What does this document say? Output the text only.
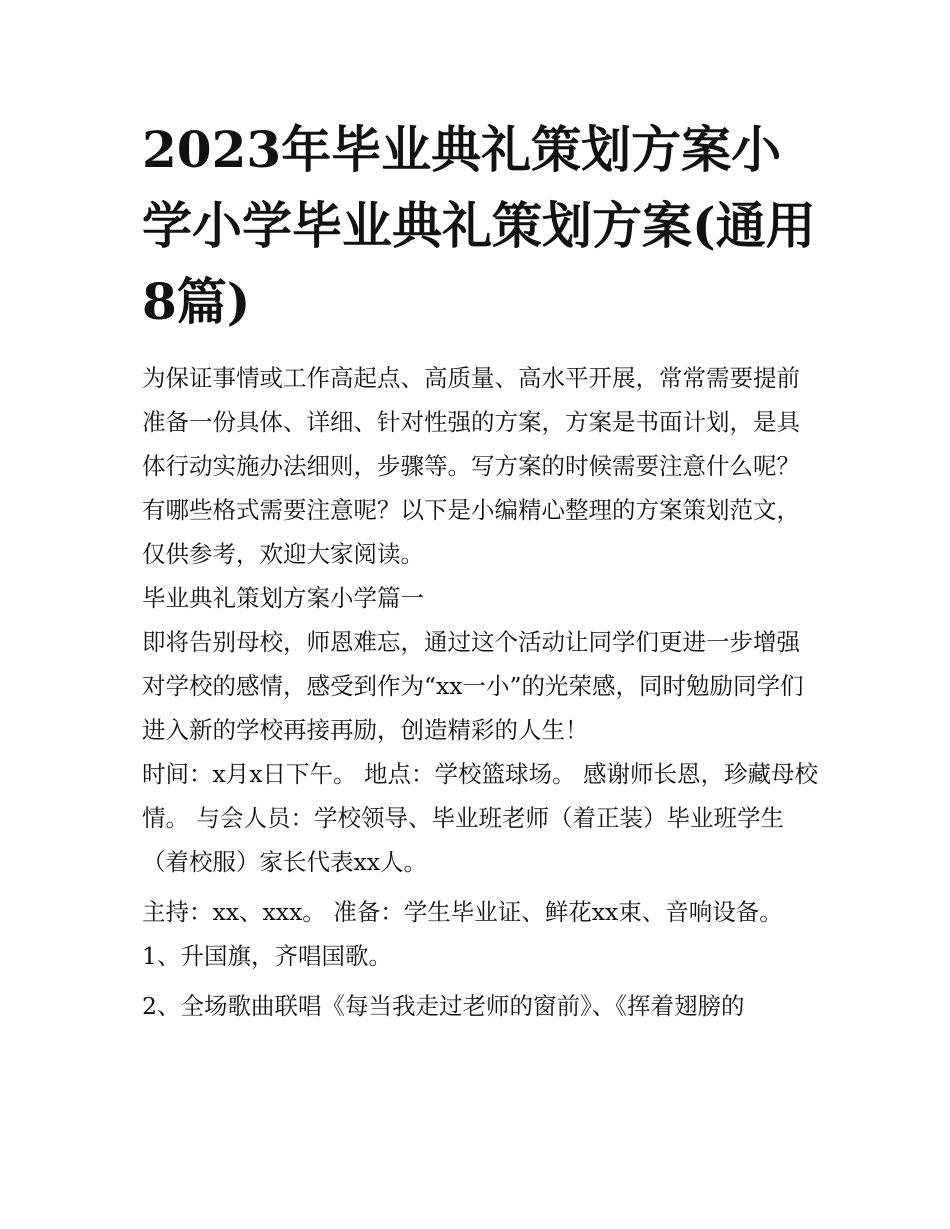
2023年毕业典礼策划方案小学小学毕业典礼策划方案(通用8篇)

为保证事情或工作高起点、高质量、高水平开展，常常需要提前准备一份具体、详细、针对性强的方案，方案是书面计划，是具体行动实施办法细则，步骤等。写方案的时候需要注意什么呢？有哪些格式需要注意呢？以下是小编精心整理的方案策划范文，仅供参考，欢迎大家阅读。

毕业典礼策划方案小学篇一

即将告别母校，师恩难忘，通过这个活动让同学们更进一步增强对学校的感情，感受到作为“xx一小”的光荣感，同时勉励同学们进入新的学校再接再励，创造精彩的人生！

时间：x月x日下午。 地点：学校篮球场。 感谢师长恩，珍藏母校情。 与会人员：学校领导、毕业班老师（着正装）毕业班学生（着校服）家长代表xx人。

主持：xx、xxx。 准备：学生毕业证、鲜花xx束、音响设备。 1、升国旗，齐唱国歌。

2、全场歌曲联唱《每当我走过老师的窗前》、《挥着翅膀的
